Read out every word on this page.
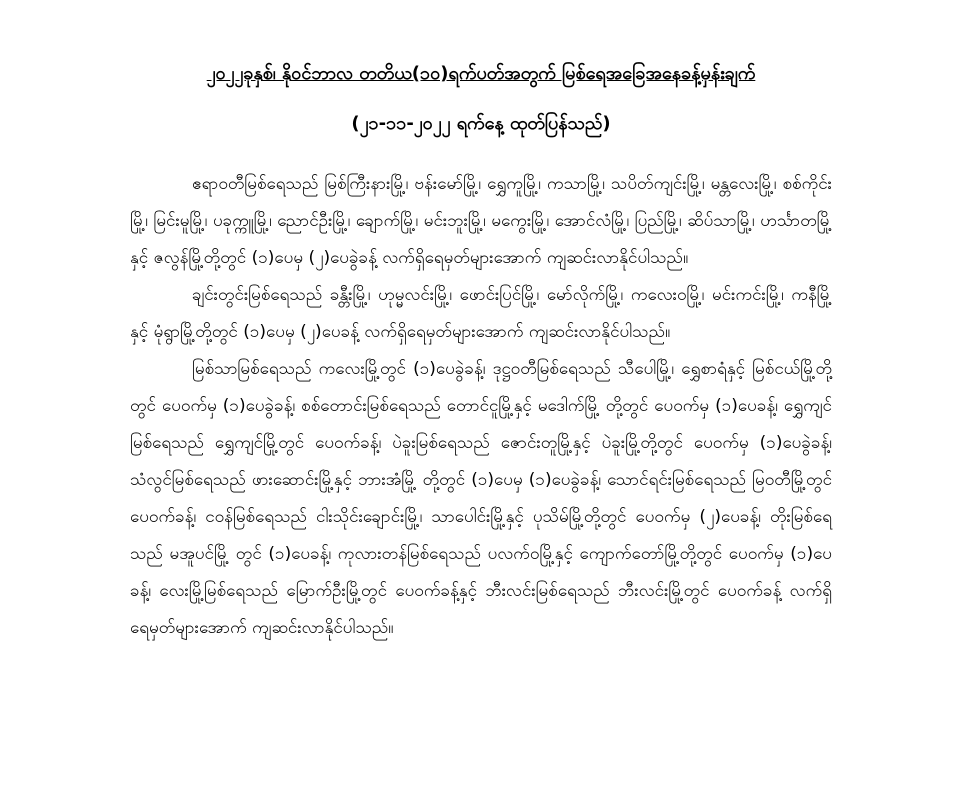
၂၀၂၂ခုနှစ်၊ နိုဝင်ဘာလ တတိယ(၁၀)ရက်ပတ်အတွက် မြစ်ရေအခြေအနေခန့်မှန်းချက်
(၂၁-၁၁-၂၀၂၂ ရက်နေ့ ထုတ်ပြန်သည်)

ဧရာဝတီမြစ်ရေသည် မြစ်ကြီးနားမြို့၊ ဗန်းမော်မြို့၊ ရွှေကူမြို့၊ ကသာမြို့၊ သပိတ်ကျင်းမြို့၊ မန္တလေးမြို့၊ စစ်ကိုင်းမြို့၊ မြင်းမူမြို့၊ ပခုက္ကူမြို့၊ ညောင်ဦးမြို့၊ ချောက်မြို့၊ မင်းဘူးမြို့၊ မကွေးမြို့၊ အောင်လံမြို့၊ ပြည်မြို့၊ ဆိပ်သာမြို့၊ ဟင်္သာတမြို့နှင့် ဇလွန်မြို့တို့တွင် (၁)ပေမှ (၂)ပေခွဲခန့် လက်ရှိရေမှတ်များအောက် ကျဆင်းလာနိုင်ပါသည်။

ချင်းတွင်းမြစ်ရေသည် ခန္တီးမြို့၊ ဟုမ္မလင်းမြို့၊ ဖောင်းပြင်မြို့၊ မော်လိုက်မြို့၊ ကလေးဝမြို့၊ မင်းကင်းမြို့၊ ကနီမြို့နှင့် မုံရွာမြို့တို့တွင် (၁)ပေမှ (၂)ပေခန့် လက်ရှိရေမှတ်များအောက် ကျဆင်းလာနိုင်ပါသည်။

မြစ်သာမြစ်ရေသည် ကလေးမြို့တွင် (၁)ပေခွဲခန့်၊ ဒုဋ္ဌဝတီမြစ်ရေသည် သီပေါမြို့၊ ရွှေစာရံနှင့် မြစ်ငယ်မြို့တို့တွင် ပေဝက်မှ (၁)ပေခွဲခန့်၊ စစ်တောင်းမြစ်ရေသည် တောင်ငူမြို့နှင့် မဒေါက်မြို့ တို့တွင် ပေဝက်မှ (၁)ပေခန့်၊ ရွှေကျင်မြစ်ရေသည် ရွှေကျင်မြို့တွင် ပေဝက်ခန့်၊ ပဲခူးမြစ်ရေသည် ဇောင်းတူမြို့နှင့် ပဲခူးမြို့တို့တွင် ပေဝက်မှ (၁)ပေခွဲခန့်၊ သံလွင်မြစ်ရေသည် ဖားဆောင်းမြို့နှင့် ဘားအံမြို့ တို့တွင် (၁)ပေမှ (၁)ပေခွဲခန့်၊ သောင်ရင်းမြစ်ရေသည် မြဝတီမြို့တွင် ပေဝက်ခန့်၊ ငဝန်မြစ်ရေသည် ငါးသိုင်းချောင်းမြို့၊ သာပေါင်းမြို့နှင့် ပုသိမ်မြို့တို့တွင် ပေဝက်မှ (၂)ပေခန့်၊ တိုးမြစ်ရေသည် မအူပင်မြို့ တွင် (၁)ပေခန့်၊ ကုလားတန်မြစ်ရေသည် ပလက်ဝမြို့နှင့် ကျောက်တော်မြို့တို့တွင် ပေဝက်မှ (၁)ပေခန့်၊ လေးမြို့မြစ်ရေသည် မြောက်ဦးမြို့တွင် ပေဝက်ခန့်နှင့် ဘီးလင်းမြစ်ရေသည် ဘီးလင်းမြို့တွင် ပေဝက်ခန့် လက်ရှိရေမှတ်များအောက် ကျဆင်းလာနိုင်ပါသည်။
